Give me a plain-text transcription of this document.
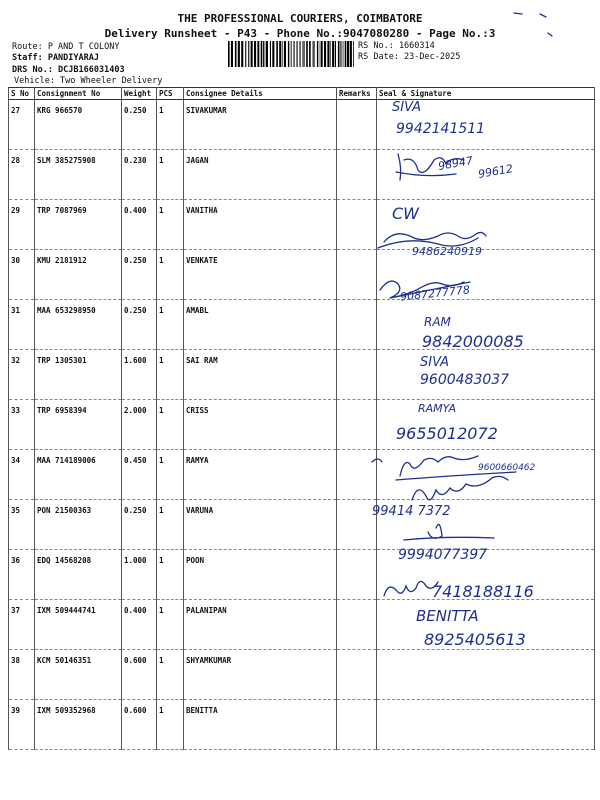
THE PROFESSIONAL COURIERS, COIMBATORE
Delivery Runsheet - P43 - Phone No.:9047080280 - Page No.:3
Route: P AND T COLONY
Staff: PANDIYARAJ
DRS No.: DCJB166031403
Vehicle: Two Wheeler Delivery
RS No.: 1660314
RS Date: 23-Dec-2025
S No	Consignment No	Weight	PCS	Consignee Details	Remarks	Seal & Signature
27	KRG 966570	0.250	1	SIVAKUMAR		
28	SLM 385275908	0.230	1	JAGAN		
29	TRP 7087969	0.400	1	VANITHA		
30	KMU 2181912	0.250	1	VENKATE		
31	MAA 653298950	0.250	1	AMABL		
32	TRP 1305301	1.600	1	SAI RAM		
33	TRP 6958394	2.000	1	CRISS		
34	MAA 714189006	0.450	1	RAMYA		
35	PON 21500363	0.250	1	VARUNA		
36	EDQ 14568208	1.000	1	POON		
37	IXM 509444741	0.400	1	PALANIPAN		
38	KCM 50146351	0.600	1	SHYAMKUMAR		
39	IXM 509352968	0.600	1	BENITTA		
SIVA
9942141511
98947 99612
CW
9486240919
9087277778
RAM
9842000085
SIVA
9600483037
RAMYA
9655012072
9600660462
99414 7372
9994077397
7418188116
BENITTA
8925405613
